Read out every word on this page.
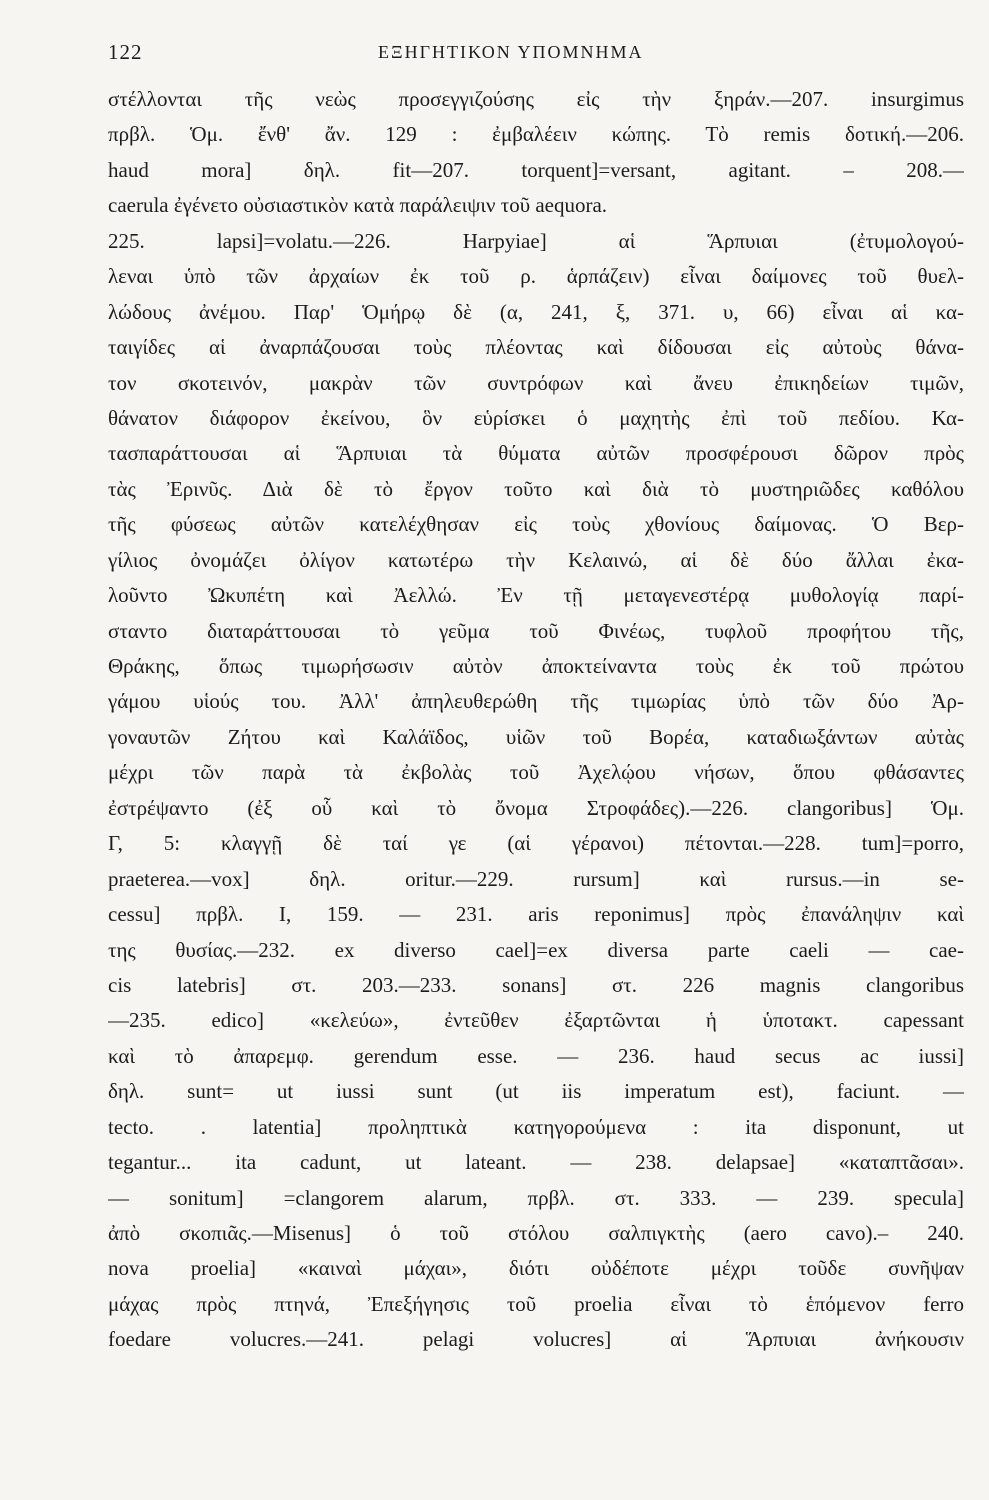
122	ΕΞΗΓΗΤΙΚΟΝ ΥΠΟΜΝΗΜΑ
στέλλονται τῆς νεὼς προσεγγιζούσης εἰς τὴν ξηράν.—207. insurgimus
πρβλ. Ὁμ. ἔνθ' ἄν. 129 : ἐμβαλέειν κώπης. Τὸ remis δοτική.—206.
haud mora] δηλ. fit—207. torquent]=versant, agitant. – 208.—
caerula ἐγένετο οὐσιαστικὸν κατὰ παράλειψιν τοῦ aequora.
225. lapsi]=volatu.—226. Harpyiae] αἱ Ἅρπυιαι (ἐτυμολογού-
λεναι ὑπὸ τῶν ἀρχαίων ἐκ τοῦ ρ. ἁρπάζειν) εἶναι δαίμονες τοῦ θυελ-
λώδους ἀνέμου. Παρ' Ὁμήρῳ δὲ (α, 241, ξ, 371. υ, 66) εἶναι αἱ κα-
ταιγίδες αἱ ἀναρπάζουσαι τοὺς πλέοντας καὶ δίδουσαι εἰς αὐτοὺς θάνα-
τον σκοτεινόν, μακρὰν τῶν συντρόφων καὶ ἄνευ ἐπικηδείων τιμῶν,
θάνατον διάφορον ἐκείνου, ὃν εὑρίσκει ὁ μαχητὴς ἐπὶ τοῦ πεδίου. Κα-
τασπαράττουσαι αἱ Ἅρπυιαι τὰ θύματα αὐτῶν προσφέρουσι δῶρον πρὸς
τὰς Ἐρινῦς. Διὰ δὲ τὸ ἔργον τοῦτο καὶ διὰ τὸ μυστηριῶδες καθόλου
τῆς φύσεως αὐτῶν κατελέχθησαν εἰς τοὺς χθονίους δαίμονας. Ὁ Βερ-
γίλιος ὀνομάζει ὀλίγον κατωτέρω τὴν Κελαινώ, αἱ δὲ δύο ἄλλαι ἐκα-
λοῦντο Ὠκυπέτη καὶ Ἀελλώ. Ἐν τῇ μεταγενεστέρᾳ μυθολογίᾳ παρί-
σταντο διαταράττουσαι τὸ γεῦμα τοῦ Φινέως, τυφλοῦ προφήτου τῆς,
Θράκης, ὅπως τιμωρήσωσιν αὐτὸν ἀποκτείναντα τοὺς ἐκ τοῦ πρώτου
γάμου υἱούς του. Ἀλλ' ἀπηλευθερώθη τῆς τιμωρίας ὑπὸ τῶν δύο Ἀρ-
γοναυτῶν Ζήτου καὶ Καλάϊδος, υἱῶν τοῦ Βορέα, καταδιωξάντων αὐτὰς
μέχρι τῶν παρὰ τὰ ἐκβολὰς τοῦ Ἀχελῴου νήσων, ὅπου φθάσαντες
ἐστρέψαντο (ἐξ οὗ καὶ τὸ ὄνομα Στροφάδες).—226. clangoribus] Ὁμ.
Γ, 5: κλαγγῇ δὲ ταί γε (αἱ γέρανοι) πέτονται.—228. tum]=porro,
praeterea.—vox] δηλ. oritur.—229. rursum] καὶ rursus.—in se-
cessu] πρβλ. I, 159. — 231. aris reponimus] πρὸς ἐπανάληψιν καὶ
της θυσίας.—232. ex diverso cael]=ex diversa parte caeli — cae-
cis latebris] στ. 203.—233. sonans] στ. 226 magnis clangoribus
—235. edico] «κελεύω», ἐντεῦθεν ἐξαρτῶνται ἡ ὑποτακτ. capessant
καὶ τὸ ἀπαρεμφ. gerendum esse. — 236. haud secus ac iussi]
δηλ. sunt= ut iussi sunt (ut iis imperatum est), faciunt. —
tecto. . latentia] προληπτικὰ κατηγορούμενα : ita disponunt, ut
tegantur... ita cadunt, ut lateant. — 238. delapsae] «καταπτᾶσαι».
— sonitum] =clangorem alarum, πρβλ. στ. 333. — 239. specula]
ἀπὸ σκοπιᾶς.—Misenus] ὁ τοῦ στόλου σαλπιγκτὴς (aero cavo).– 240.
nova proelia] «καιναὶ μάχαι», διότι οὐδέποτε μέχρι τοῦδε συνῆψαν
μάχας πρὸς πτηνά, Ἐπεξήγησις τοῦ proelia εἶναι τὸ ἑπόμενον ferro
foedare volucres.—241. pelagi volucres] αἱ Ἅρπυιαι ἀνήκουσιν
